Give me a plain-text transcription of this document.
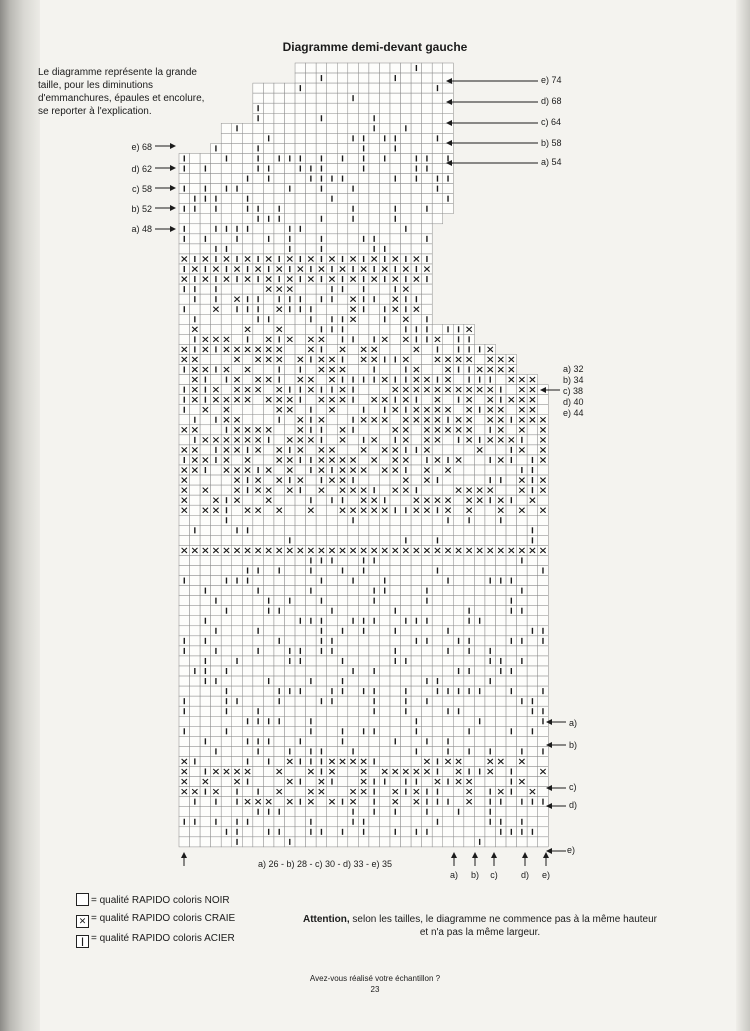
Diagramme demi-devant gauche
Le diagramme représente la grande
taille, pour les diminutions
d'emmanchures, épaules et encolure,
se reporter à l'explication.
e) 68
d) 62
c) 58
b) 52
a) 48
e) 74
d) 68
c) 64
b) 58
a) 54
a) 32
b) 34
c) 38
d) 40
e) 44
a)
b)
c)
d)
e)
a) b) c)	d) e)
a) 26 - b) 28 - c) 30 - d) 33 - e) 35
= qualité RAPIDO coloris NOIR
✕ = qualité RAPIDO coloris CRAIE
| = qualité RAPIDO coloris ACIER
Attention, selon les tailles, le diagramme ne commence pas à la même hauteur et n'a pas la même largeur.
Avez-vous réalisé votre échantillon ?
23
